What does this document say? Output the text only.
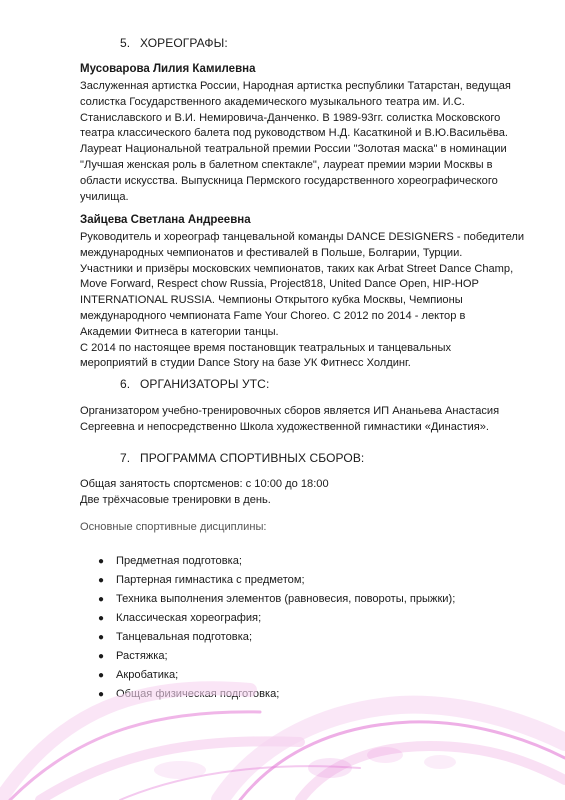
5. ХОРЕОГРАФЫ:
Мусоварова Лилия Камилевна
Заслуженная артистка России, Народная артистка республики Татарстан, ведущая
солистка Государственного академического музыкального театра им. И.С.
Станиславского и В.И. Немировича-Данченко. В 1989-93гг. солистка Московского
театра классического балета под руководством Н.Д. Касаткиной и В.Ю.Васильёва.
Лауреат Национальной театральной премии России "Золотая маска" в номинации
"Лучшая женская роль в балетном спектакле", лауреат премии мэрии Москвы в
области искусства. Выпускница Пермского государственного хореографического
училища.
Зайцева Светлана Андреевна
Руководитель и хореограф танцевальной команды DANCE DESIGNERS - победители
международных чемпионатов и фестивалей в Польше, Болгарии, Турции.
Участники и призёры московских чемпионатов, таких как Arbat Street Dance Champ,
Move Forward, Respect chow Russia, Project818, United Dance Open, HIP-HOP
INTERNATIONAL RUSSIA. Чемпионы Открытого кубка Москвы, Чемпионы
международного чемпионата Fame Your Choreo. С 2012 по 2014 - лектор в
Академии Фитнеса в категории танцы.
С 2014 по настоящее время постановщик театральных и танцевальных
мероприятий в студии Dance Story на базе УК Фитнесс Холдинг.
6. ОРГАНИЗАТОРЫ УТС:
Организатором учебно-тренировочных сборов является ИП Ананьева Анастасия
Сергеевна и непосредственно Школа художественной гимнастики «Династия».
7. ПРОГРАММА СПОРТИВНЫХ СБОРОВ:
Общая занятость спортсменов: с 10:00 до 18:00
Две трёхчасовые тренировки в день.
Основные спортивные дисциплины:
● Предметная подготовка;
● Партерная гимнастика с предметом;
● Техника выполнения элементов (равновесия, повороты, прыжки);
● Классическая хореография;
● Танцевальная подготовка;
● Растяжка;
● Акробатика;
● Общая физическая подготовка;
